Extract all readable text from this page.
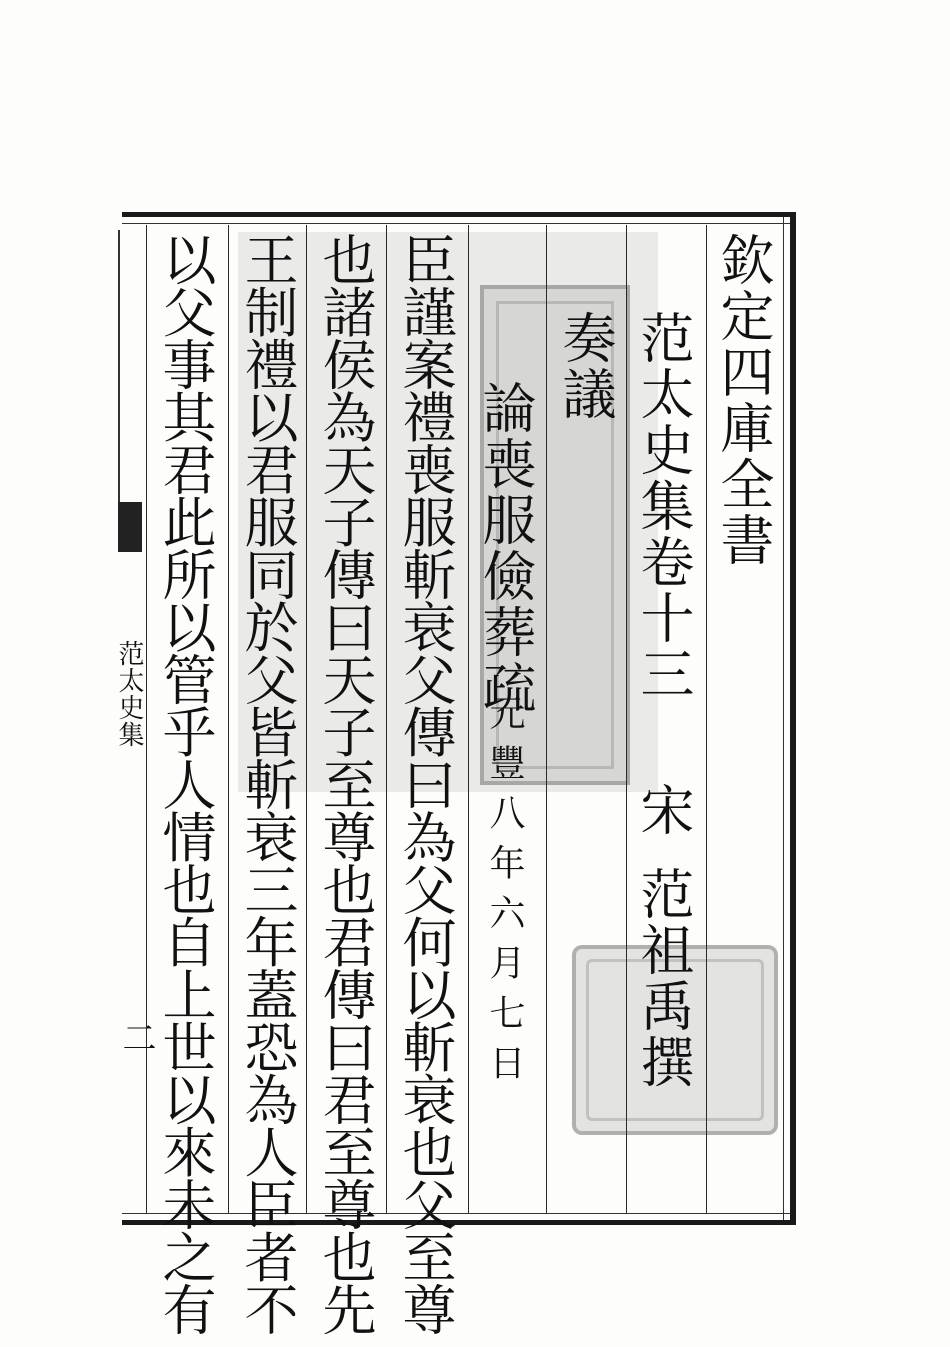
欽定四庫全書
范太史集卷十三
宋
范祖禹撰
奏議
論喪服儉葬疏
元豐八年六月七日
臣謹案禮喪服斬衰父傳曰為父何以斬衰也父至尊
也諸侯為天子傳曰天子至尊也君傳曰君至尊也先
王制禮以君服同於父皆斬衰三年蓋恐為人臣者不
以父事其君此所以管乎人情也自上世以來未之有
范太史集
二
